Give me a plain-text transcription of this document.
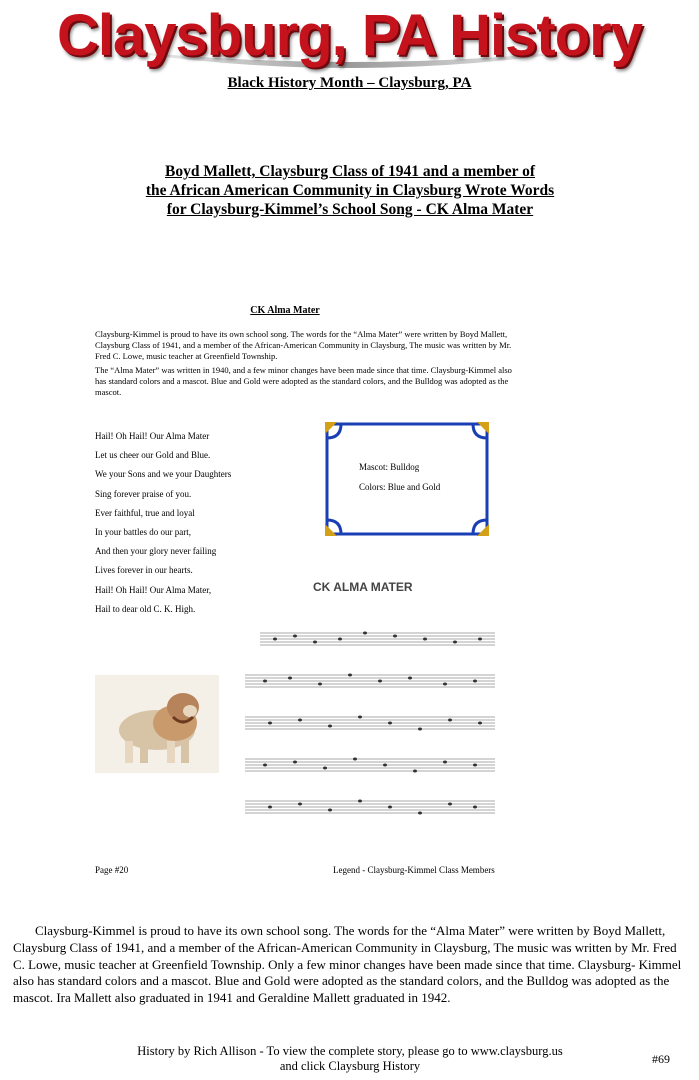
Claysburg, PA History
Black History Month – Claysburg, PA
Boyd Mallett, Claysburg Class of 1941 and a member of
the African American Community in Claysburg Wrote Words
for Claysburg-Kimmel’s School Song - CK Alma Mater
CK Alma Mater
Claysburg-Kimmel is proud to have its own school song. The words for the “Alma Mater” were written by Boyd Mallett, Claysburg Class of 1941, and a member of the African-American Community in Claysburg, The music was written by Mr. Fred C. Lowe, music teacher at Greenfield Township.
The “Alma Mater” was written in 1940, and a few minor changes have been made since that time. Claysburg-Kimmel also has standard colors and a mascot. Blue and Gold were adopted as the standard colors, and the Bulldog was adopted as the mascot.
Hail! Oh Hail! Our Alma Mater
Let us cheer our Gold and Blue.
We your Sons and we your Daughters
Sing forever praise of you.
Ever faithful, true and loyal
In your battles do our part,
And then your glory never failing
Lives forever in our hearts.
Hail! Oh Hail! Our Alma Mater,
Hail to dear old C. K. High.
Mascot: Bulldog
Colors: Blue and Gold
CK ALMA MATER
Page #20	Legend - Claysburg-Kimmel Class Members
Claysburg-Kimmel is proud to have its own school song. The words for the “Alma Mater” were written by Boyd Mallett, Claysburg Class of 1941, and a member of the African-American Community in Claysburg, The music was written by Mr. Fred C. Lowe, music teacher at Greenfield Township. Only a few minor changes have been made since that time. Claysburg- Kimmel also has standard colors and a mascot. Blue and Gold were adopted as the standard colors, and the Bulldog was adopted as the mascot. Ira Mallett also graduated in 1941 and Geraldine Mallett graduated in 1942.
History by Rich Allison - To view the complete story, please go to www.claysburg.us
and click Claysburg History	#69
